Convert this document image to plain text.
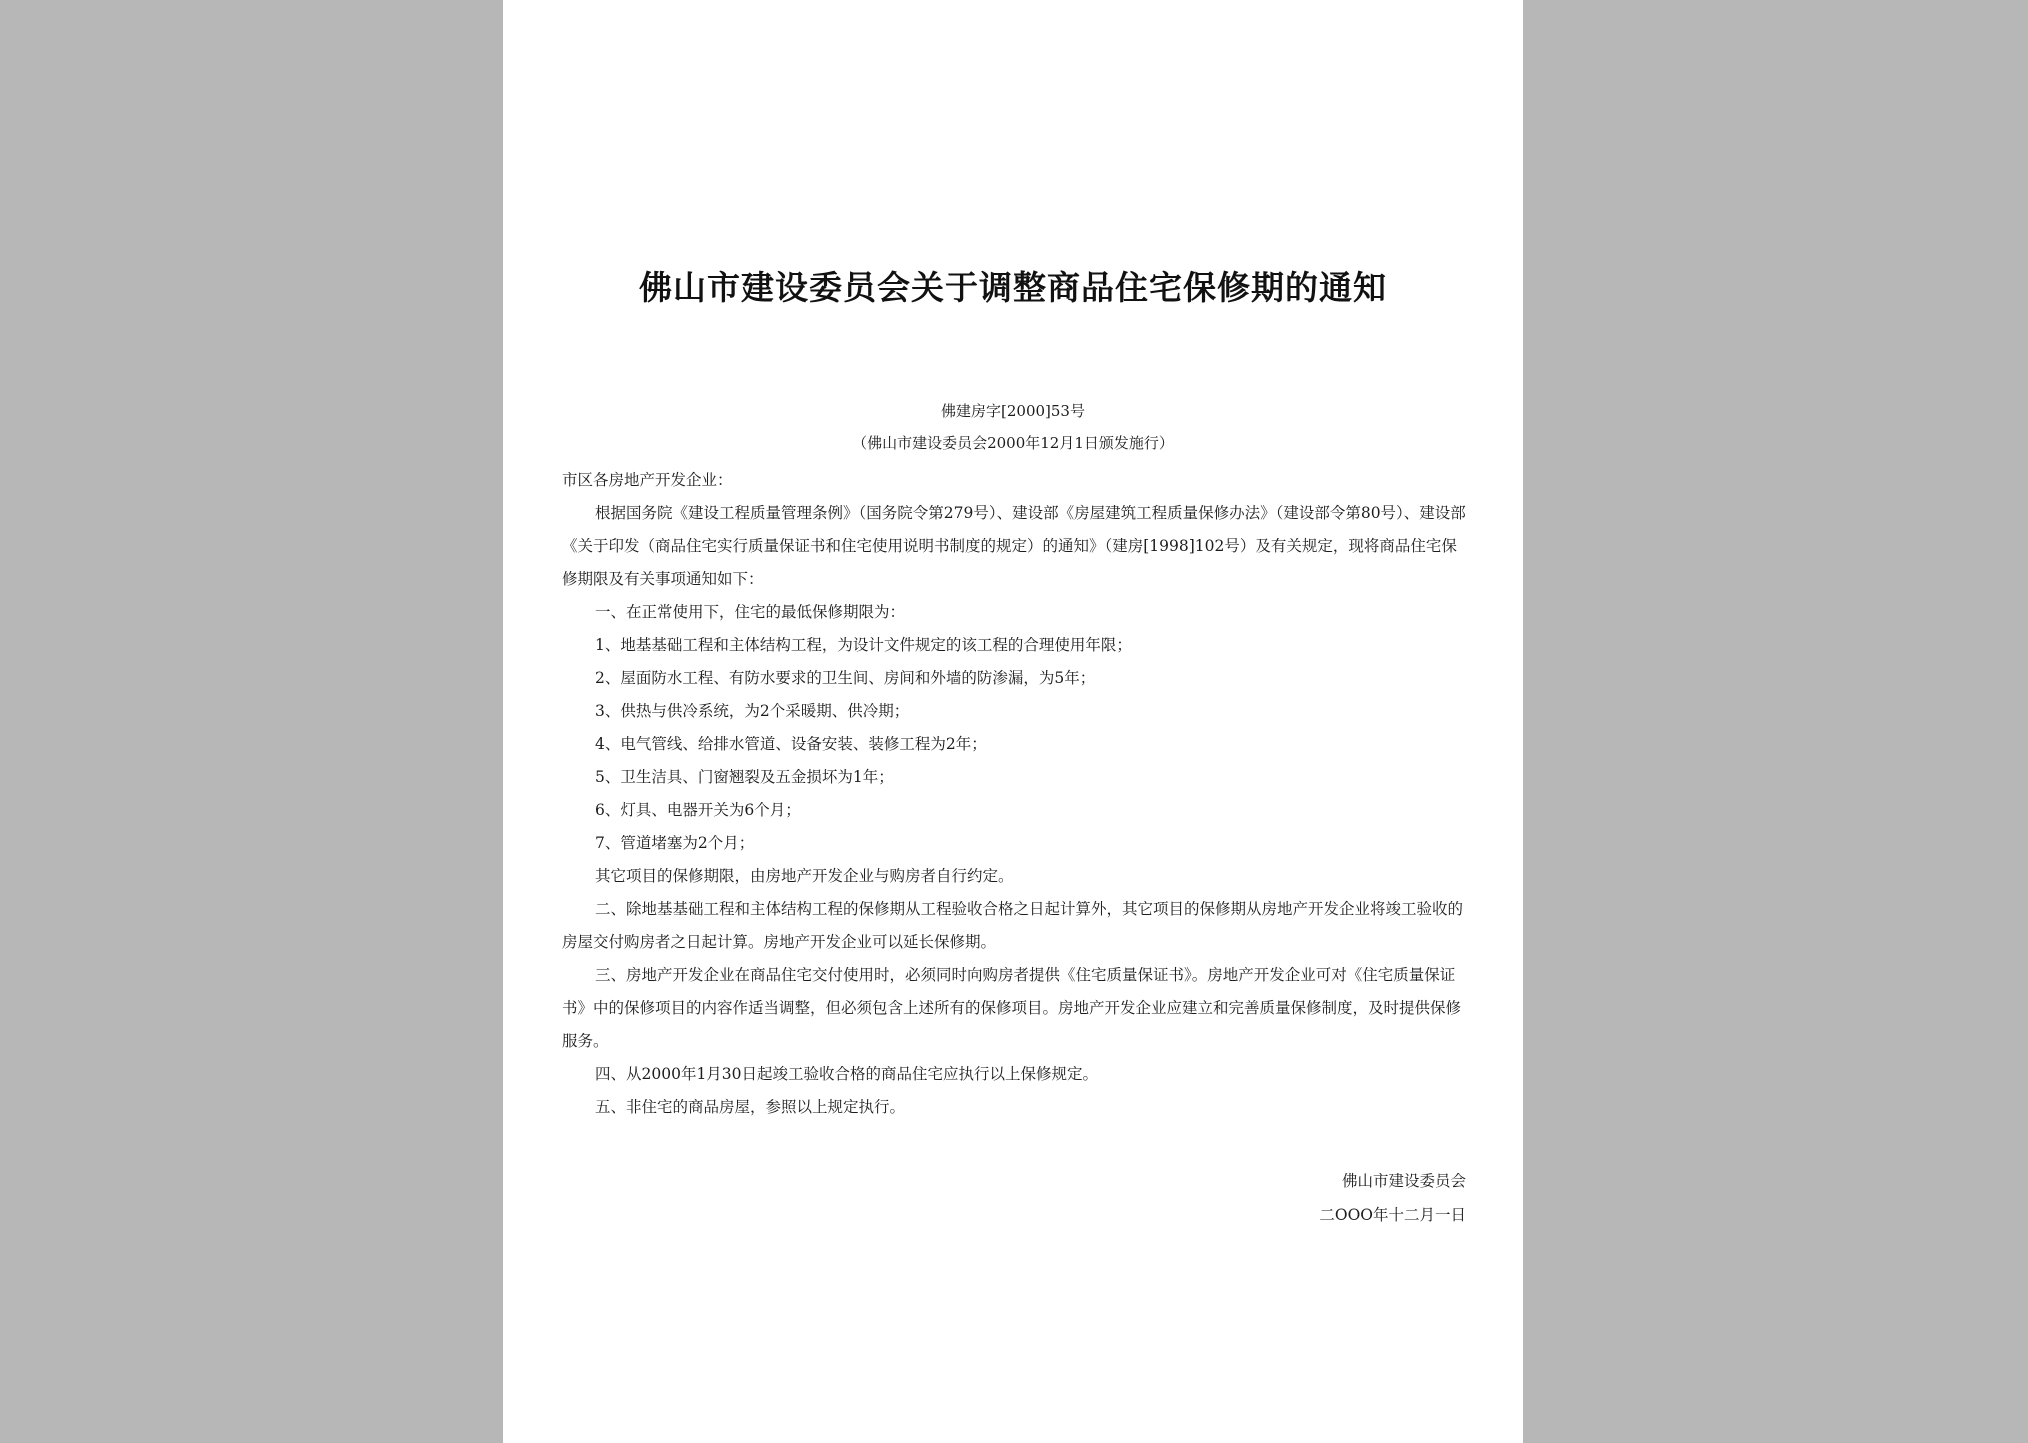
佛山市建设委员会关于调整商品住宅保修期的通知
佛建房字[2000]53号
（佛山市建设委员会2000年12月1日颁发施行）

市区各房地产开发企业：

根据国务院《建设工程质量管理条例》（国务院令第279号）、建设部《房屋建筑工程质量保修办法》（建设部令第80号）、建设部《关于印发（商品住宅实行质量保证书和住宅使用说明书制度的规定）的通知》（建房[1998]102号）及有关规定，现将商品住宅保修期限及有关事项通知如下：

一、在正常使用下，住宅的最低保修期限为：

1、地基基础工程和主体结构工程，为设计文件规定的该工程的合理使用年限；

2、屋面防水工程、有防水要求的卫生间、房间和外墙的防渗漏，为5年；

3、供热与供冷系统，为2个采暖期、供冷期；

4、电气管线、给排水管道、设备安装、装修工程为2年；

5、卫生洁具、门窗翘裂及五金损坏为1年；

6、灯具、电器开关为6个月；

7、管道堵塞为2个月；

其它项目的保修期限，由房地产开发企业与购房者自行约定。

二、除地基基础工程和主体结构工程的保修期从工程验收合格之日起计算外，其它项目的保修期从房地产开发企业将竣工验收的房屋交付购房者之日起计算。房地产开发企业可以延长保修期。

三、房地产开发企业在商品住宅交付使用时，必须同时向购房者提供《住宅质量保证书》。房地产开发企业可对《住宅质量保证书》中的保修项目的内容作适当调整，但必须包含上述所有的保修项目。房地产开发企业应建立和完善质量保修制度，及时提供保修服务。

四、从2000年1月30日起竣工验收合格的商品住宅应执行以上保修规定。

五、非住宅的商品房屋，参照以上规定执行。

佛山市建设委员会
二OOO年十二月一日
